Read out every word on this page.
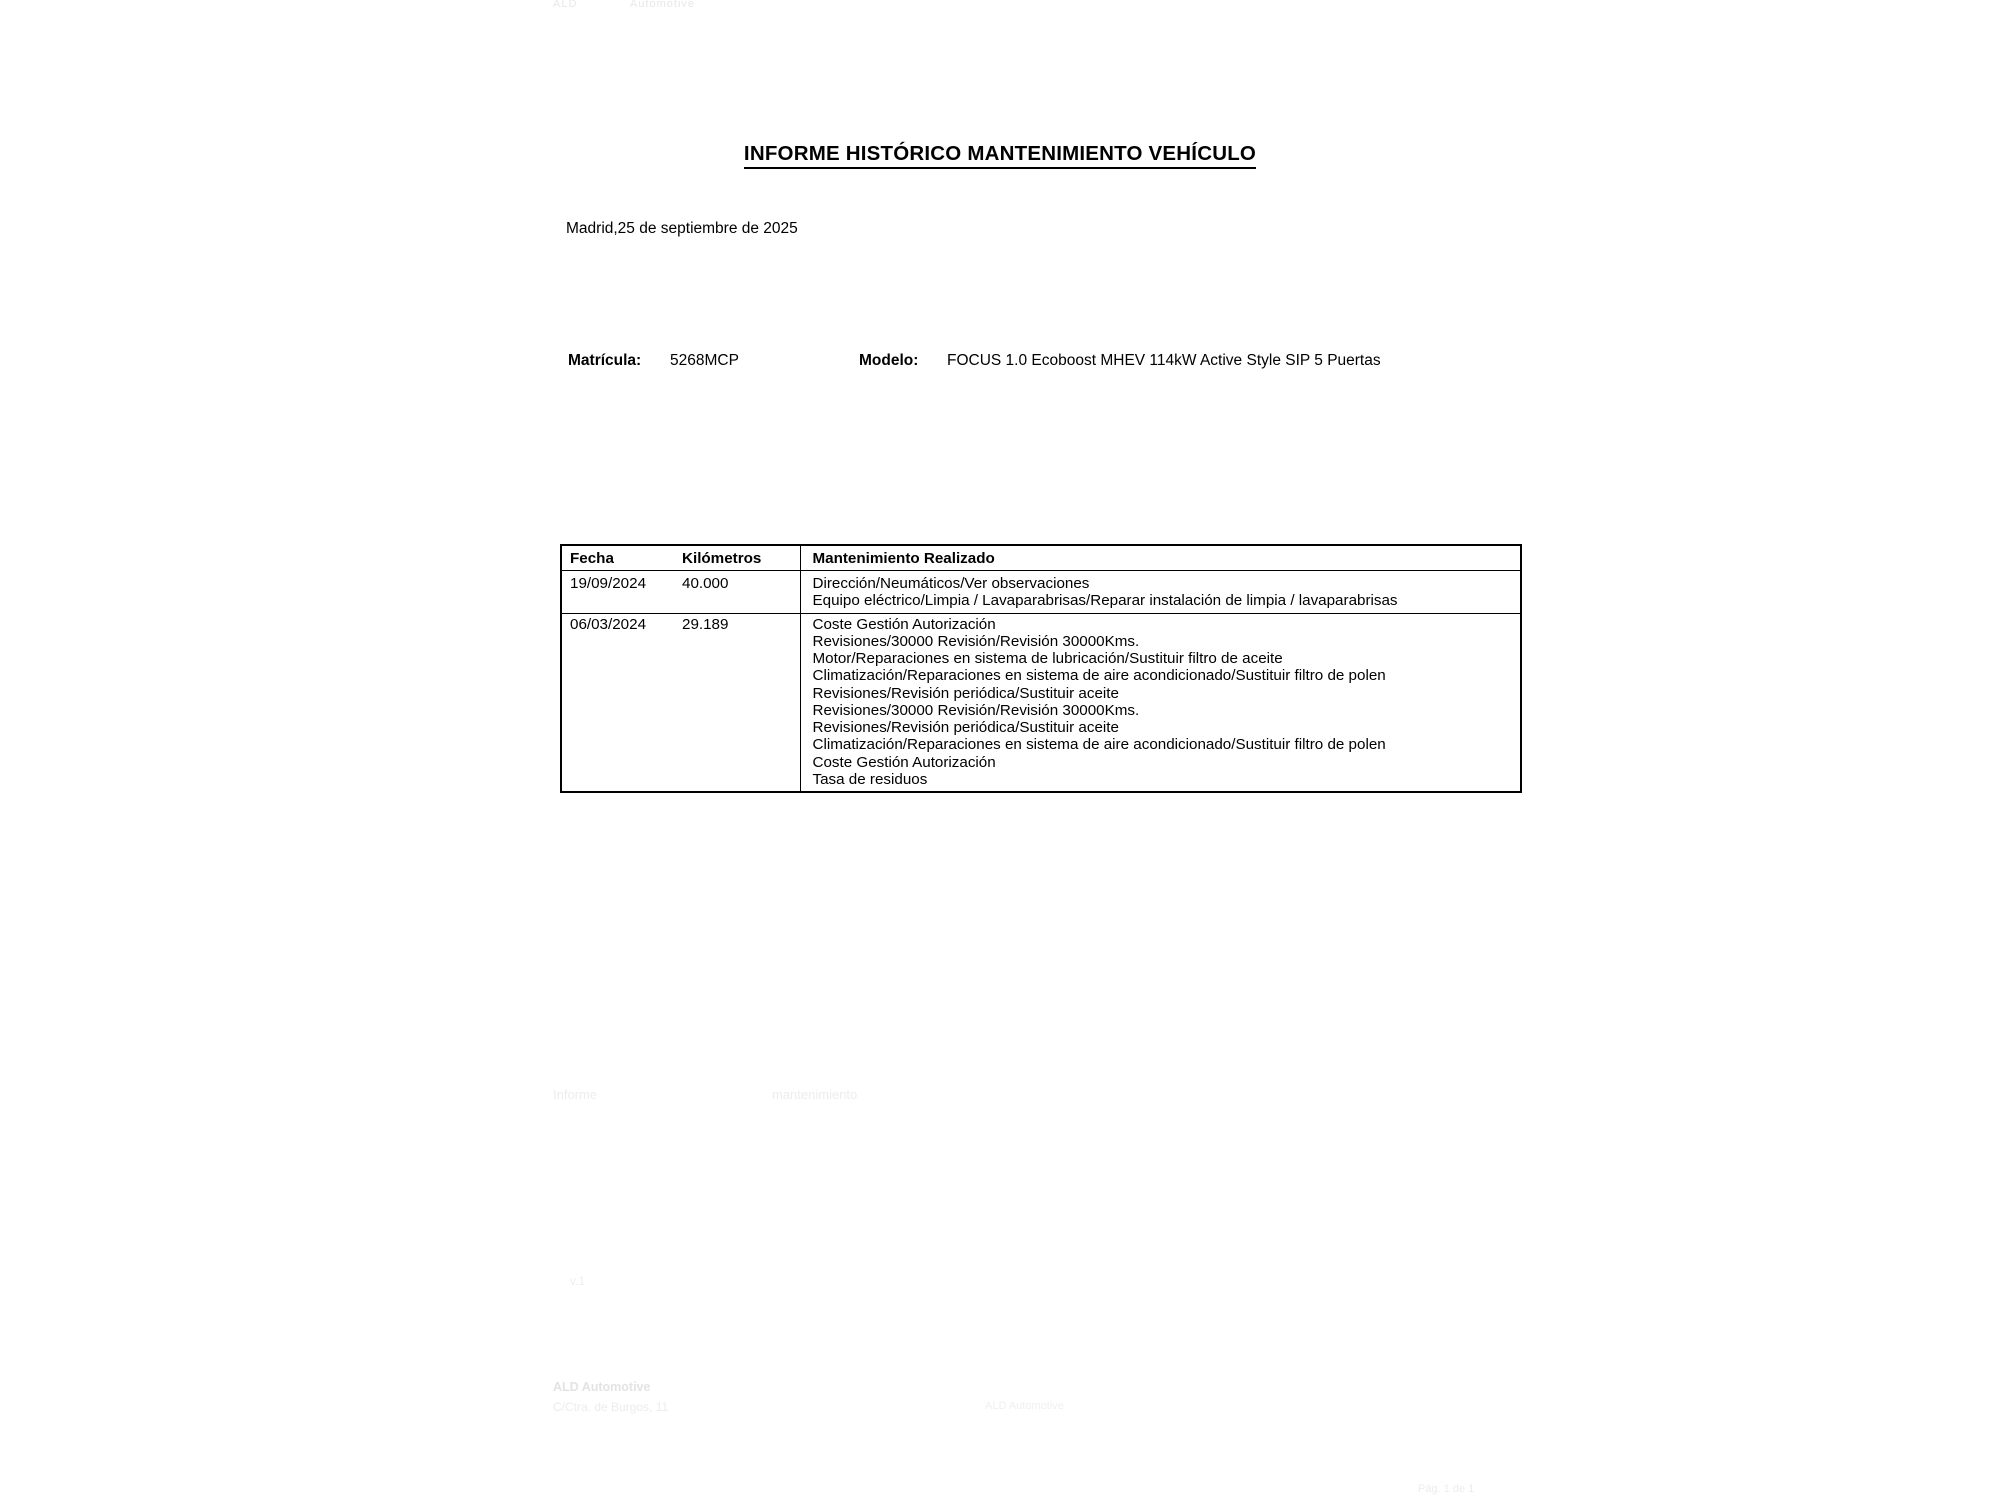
ALD	Automotive
INFORME HISTÓRICO MANTENIMIENTO VEHÍCULO
Madrid,25 de septiembre de 2025
Matrícula: 5268MCP	Modelo: FOCUS 1.0 Ecoboost MHEV 114kW Active Style SIP 5 Puertas
Fecha	Kilómetros	Mantenimiento Realizado
19/09/2024	40.000	Dirección/Neumáticos/Ver observaciones
Equipo eléctrico/Limpia / Lavaparabrisas/Reparar instalación de limpia / lavaparabrisas

06/03/2024	29.189	Coste Gestión Autorización
Revisiones/30000 Revisión/Revisión 30000Kms.
Motor/Reparaciones en sistema de lubricación/Sustituir filtro de aceite
Climatización/Reparaciones en sistema de aire acondicionado/Sustituir filtro de polen
Revisiones/Revisión periódica/Sustituir aceite
Revisiones/30000 Revisión/Revisión 30000Kms.
Revisiones/Revisión periódica/Sustituir aceite
Climatización/Reparaciones en sistema de aire acondicionado/Sustituir filtro de polen
Coste Gestión Autorización
Tasa de residuos
Informe	mantenimiento
v.1
ALD Automotive
C/Ctra. de Burgos, 11	ALD Automotive
Pág. 1 de 1
